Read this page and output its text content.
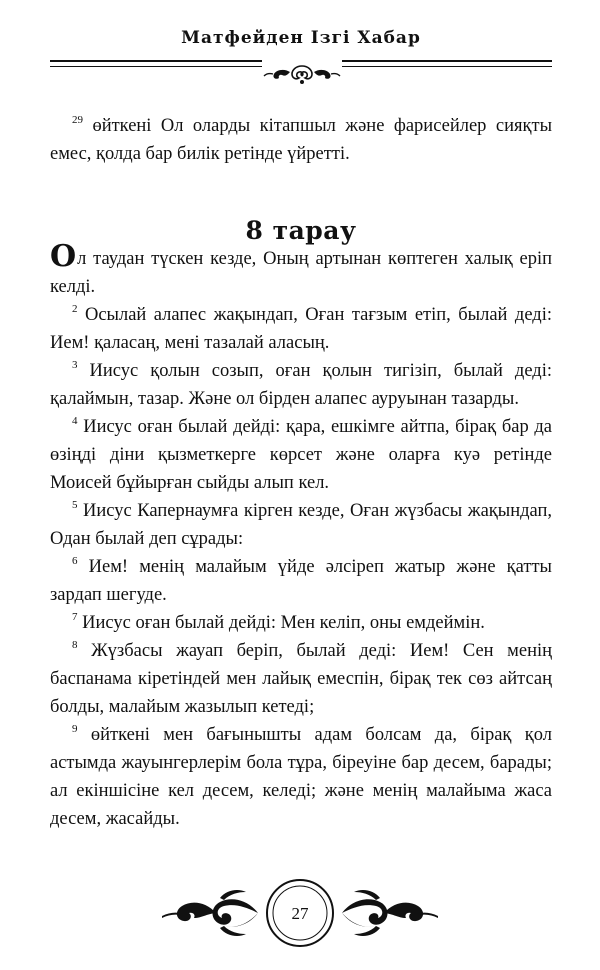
Матфейден Ізгі Хабар

$^{29}$ өйткені Ол оларды кітапшыл және фарисейлер сияқты емес, қолда бар билік ретінде үйретті.

8 тарау

Ол таудан түскен кезде, Оның артынан көптеген халық еріп келді.

$^2$ Осылай алапес жақындап, Оған тағзым етіп, былай деді: Ием! қаласаң, мені тазалай аласың.

$^3$ Иисус қолын созып, оған қолын тигізіп, былай деді: қалаймын, тазар. Және ол бірден алапес ауруынан тазарды.

$^4$ Иисус оған былай дейді: қара, ешкімге айтпа, бірақ бар да өзіңді діни қызметкерге көрсет және оларға куә ретінде Моисей бұйырған сыйды алып кел.

$^5$ Иисус Капернаумға кірген кезде, Оған жүзбасы жақындап, Одан былай деп сұрады:

$^6$ Ием! менің малайым үйде әлсіреп жатыр және қатты зардап шегуде.

$^7$ Иисус оған былай дейді: Мен келіп, оны емдеймін.

$^8$ Жүзбасы жауап беріп, былай деді: Ием! Сен менің баспанама кіретіндей мен лайық емеспін, бірақ тек сөз айтсаң болды, малайым жазылып кетеді;

$^9$ өйткені мен бағынышты адам болсам да, бірақ қол астымда жауынгерлерім бола тұра, біреуіне бар десем, барады; ал екіншісіне кел десем, келеді; және менің малайыма жаса десем, жасайды.

27
